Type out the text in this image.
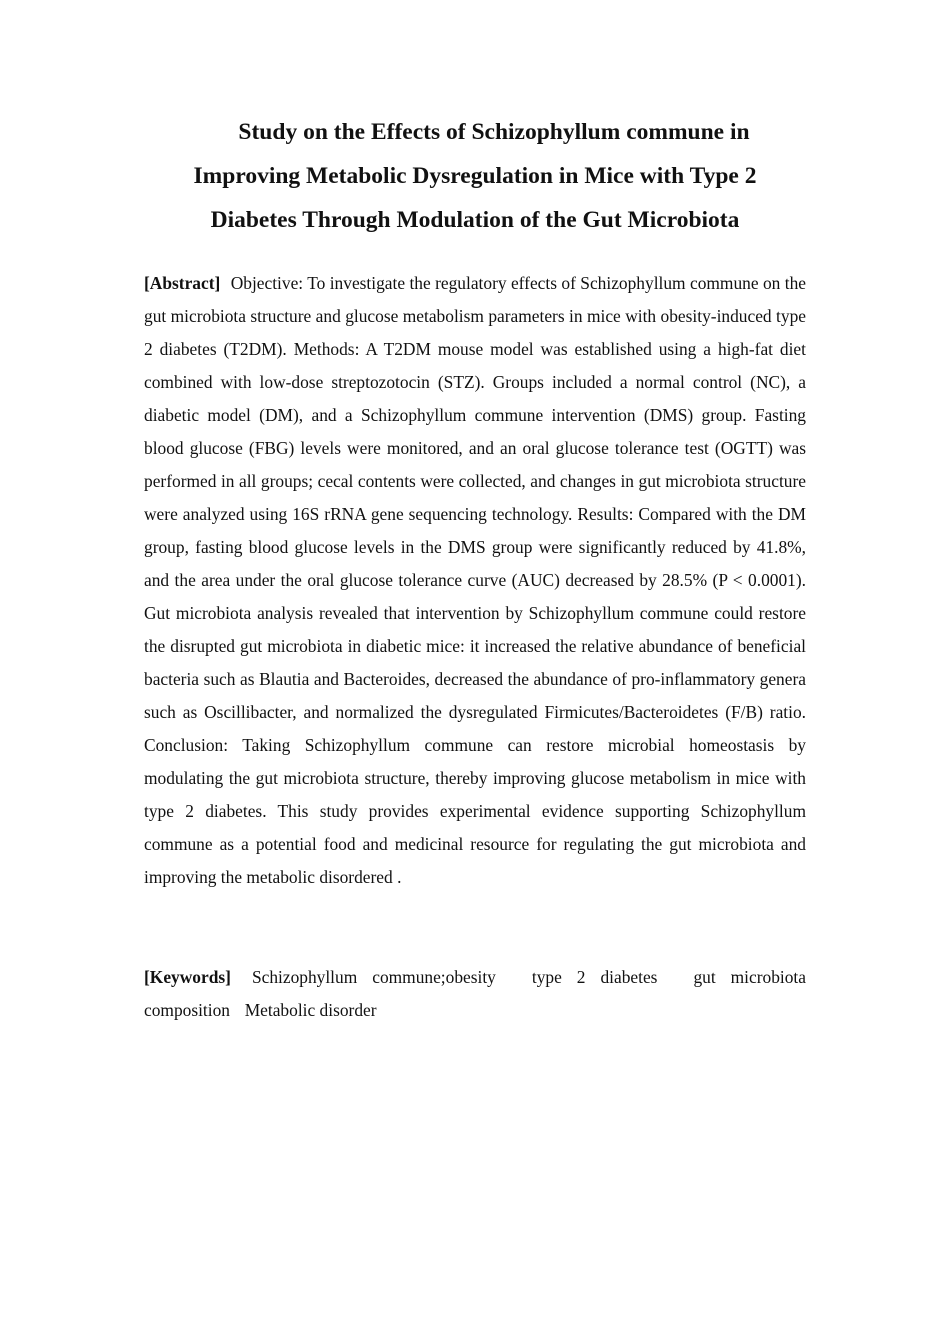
Study on the Effects of Schizophyllum commune in
Improving Metabolic Dysregulation in Mice with Type 2
Diabetes Through Modulation of the Gut Microbiota

[Abstract] Objective: To investigate the regulatory effects of Schizophyllum commune on the gut microbiota structure and glucose metabolism parameters in mice with obesity-induced type 2 diabetes (T2DM). Methods: A T2DM mouse model was established using a high-fat diet combined with low-dose streptozotocin (STZ). Groups included a normal control (NC), a diabetic model (DM), and a Schizophyllum commune intervention (DMS) group. Fasting blood glucose (FBG) levels were monitored, and an oral glucose tolerance test (OGTT) was performed in all groups; cecal contents were collected, and changes in gut microbiota structure were analyzed using 16S rRNA gene sequencing technology. Results: Compared with the DM group, fasting blood glucose levels in the DMS group were significantly reduced by 41.8%, and the area under the oral glucose tolerance curve (AUC) decreased by 28.5% (P < 0.0001). Gut microbiota analysis revealed that intervention by Schizophyllum commune could restore the disrupted gut microbiota in diabetic mice: it increased the relative abundance of beneficial bacteria such as Blautia and Bacteroides, decreased the abundance of pro-inflammatory genera such as Oscillibacter, and normalized the dysregulated Firmicutes/Bacteroidetes (F/B) ratio. Conclusion: Taking Schizophyllum commune can restore microbial homeostasis by modulating the gut microbiota structure, thereby improving glucose metabolism in mice with type 2 diabetes. This study provides experimental evidence supporting Schizophyllum commune as a potential food and medicinal resource for regulating the gut microbiota and improving the metabolic disordered .

[Keywords] Schizophyllum commune;obesity type 2 diabetes gut microbiota composition Metabolic disorder
